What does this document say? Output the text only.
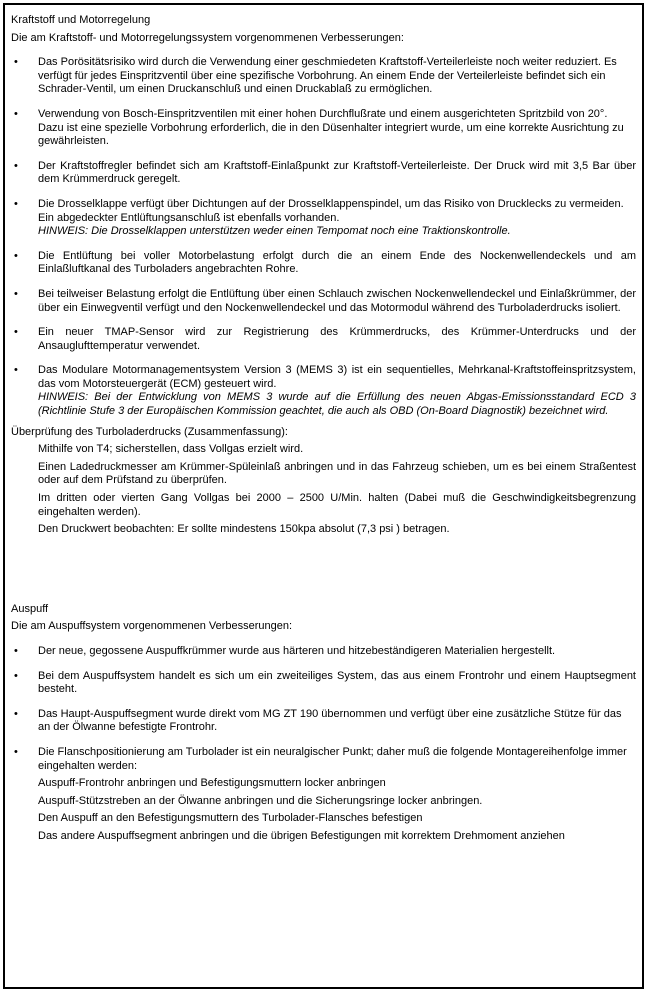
Kraftstoff und Motorregelung

Die am Kraftstoff- und Motorregelungssystem vorgenommenen Verbesserungen:

•	Das Porösitätsrisiko wird durch die Verwendung einer geschmiedeten Kraftstoff-Verteilerleiste noch weiter reduziert. Es verfügt für jedes Einspritzventil über eine spezifische Vorbohrung. An einem Ende der Verteilerleiste befindet sich ein Schrader-Ventil, um einen Druckanschluß und einen Druckablaß zu ermöglichen.

•	Verwendung von Bosch-Einspritzventilen mit einer hohen Durchflußrate und einem ausgerichteten Spritzbild von 20°. Dazu ist eine spezielle Vorbohrung erforderlich, die in den Düsenhalter integriert wurde, um eine korrekte Ausrichtung zu gewährleisten.

•	Der Kraftstoffregler befindet sich am Kraftstoff-Einlaßpunkt zur Kraftstoff-Verteilerleiste. Der Druck wird mit 3,5 Bar über dem Krümmerdruck geregelt.

•	Die Drosselklappe verfügt über Dichtungen auf der Drosselklappenspindel, um das Risiko von Drucklecks zu vermeiden. Ein abgedeckter Entlüftungsanschluß ist ebenfalls vorhanden.

HINWEIS: Die Drosselklappen unterstützen weder einen Tempomat noch eine Traktionskontrolle.

•	Die Entlüftung bei voller Motorbelastung erfolgt durch die an einem Ende des Nockenwellendeckels und am Einlaßluftkanal des Turboladers angebrachten Rohre.

•	Bei teilweiser Belastung erfolgt die Entlüftung über einen Schlauch zwischen Nockenwellendeckel und Einlaßkrümmer, der über ein Einwegventil verfügt und den Nockenwellendeckel und das Motormodul während des Turboladerdrucks isoliert.

•	Ein neuer TMAP-Sensor wird zur Registrierung des Krümmerdrucks, des Krümmer-Unterdrucks und der Ansauglufttemperatur verwendet.

•	Das Modulare Motormanagementsystem Version 3 (MEMS 3) ist ein sequentielles, Mehrkanal-Kraftstoffeinspritzsystem, das vom Motorsteuergerät (ECM) gesteuert wird.

HINWEIS: Bei der Entwicklung von MEMS 3 wurde auf die Erfüllung des neuen Abgas-Emissionsstandard ECD 3 (Richtlinie Stufe 3 der Europäischen Kommission geachtet, die auch als OBD (On-Board Diagnostik) bezeichnet wird.

Überprüfung des Turboladerdrucks (Zusammenfassung):

Mithilfe von T4; sicherstellen, dass Vollgas erzielt wird.

Einen Ladedruckmesser am Krümmer-Spüleinlaß anbringen und in das Fahrzeug schieben, um es bei einem Straßentest oder auf dem Prüfstand zu überprüfen.

Im dritten oder vierten Gang Vollgas bei 2000 – 2500 U/Min. halten (Dabei muß die Geschwindigkeitsbegrenzung eingehalten werden).

Den Druckwert beobachten: Er sollte mindestens 150kpa absolut (7,3 psi ) betragen.

Auspuff

Die am Auspuffsystem vorgenommenen Verbesserungen:

•	Der neue, gegossene Auspuffkrümmer wurde aus härteren und hitzebeständigeren Materialien hergestellt.

•	Bei dem Auspuffsystem handelt es sich um ein zweiteiliges System, das aus einem Frontrohr und einem Hauptsegment besteht.

•	Das Haupt-Auspuffsegment wurde direkt vom MG ZT 190 übernommen und verfügt über eine zusätzliche Stütze für das an der Ölwanne befestigte Frontrohr.

•	Die Flanschpositionierung am Turbolader ist ein neuralgischer Punkt; daher muß die folgende Montagereihenfolge immer eingehalten werden:

Auspuff-Frontrohr anbringen und Befestigungsmuttern locker anbringen

Auspuff-Stützstreben an der Ölwanne anbringen und die Sicherungsringe locker anbringen.

Den Auspuff an den Befestigungsmuttern des Turbolader-Flansches befestigen

Das andere Auspuffsegment anbringen und die übrigen Befestigungen mit korrektem Drehmoment anziehen
